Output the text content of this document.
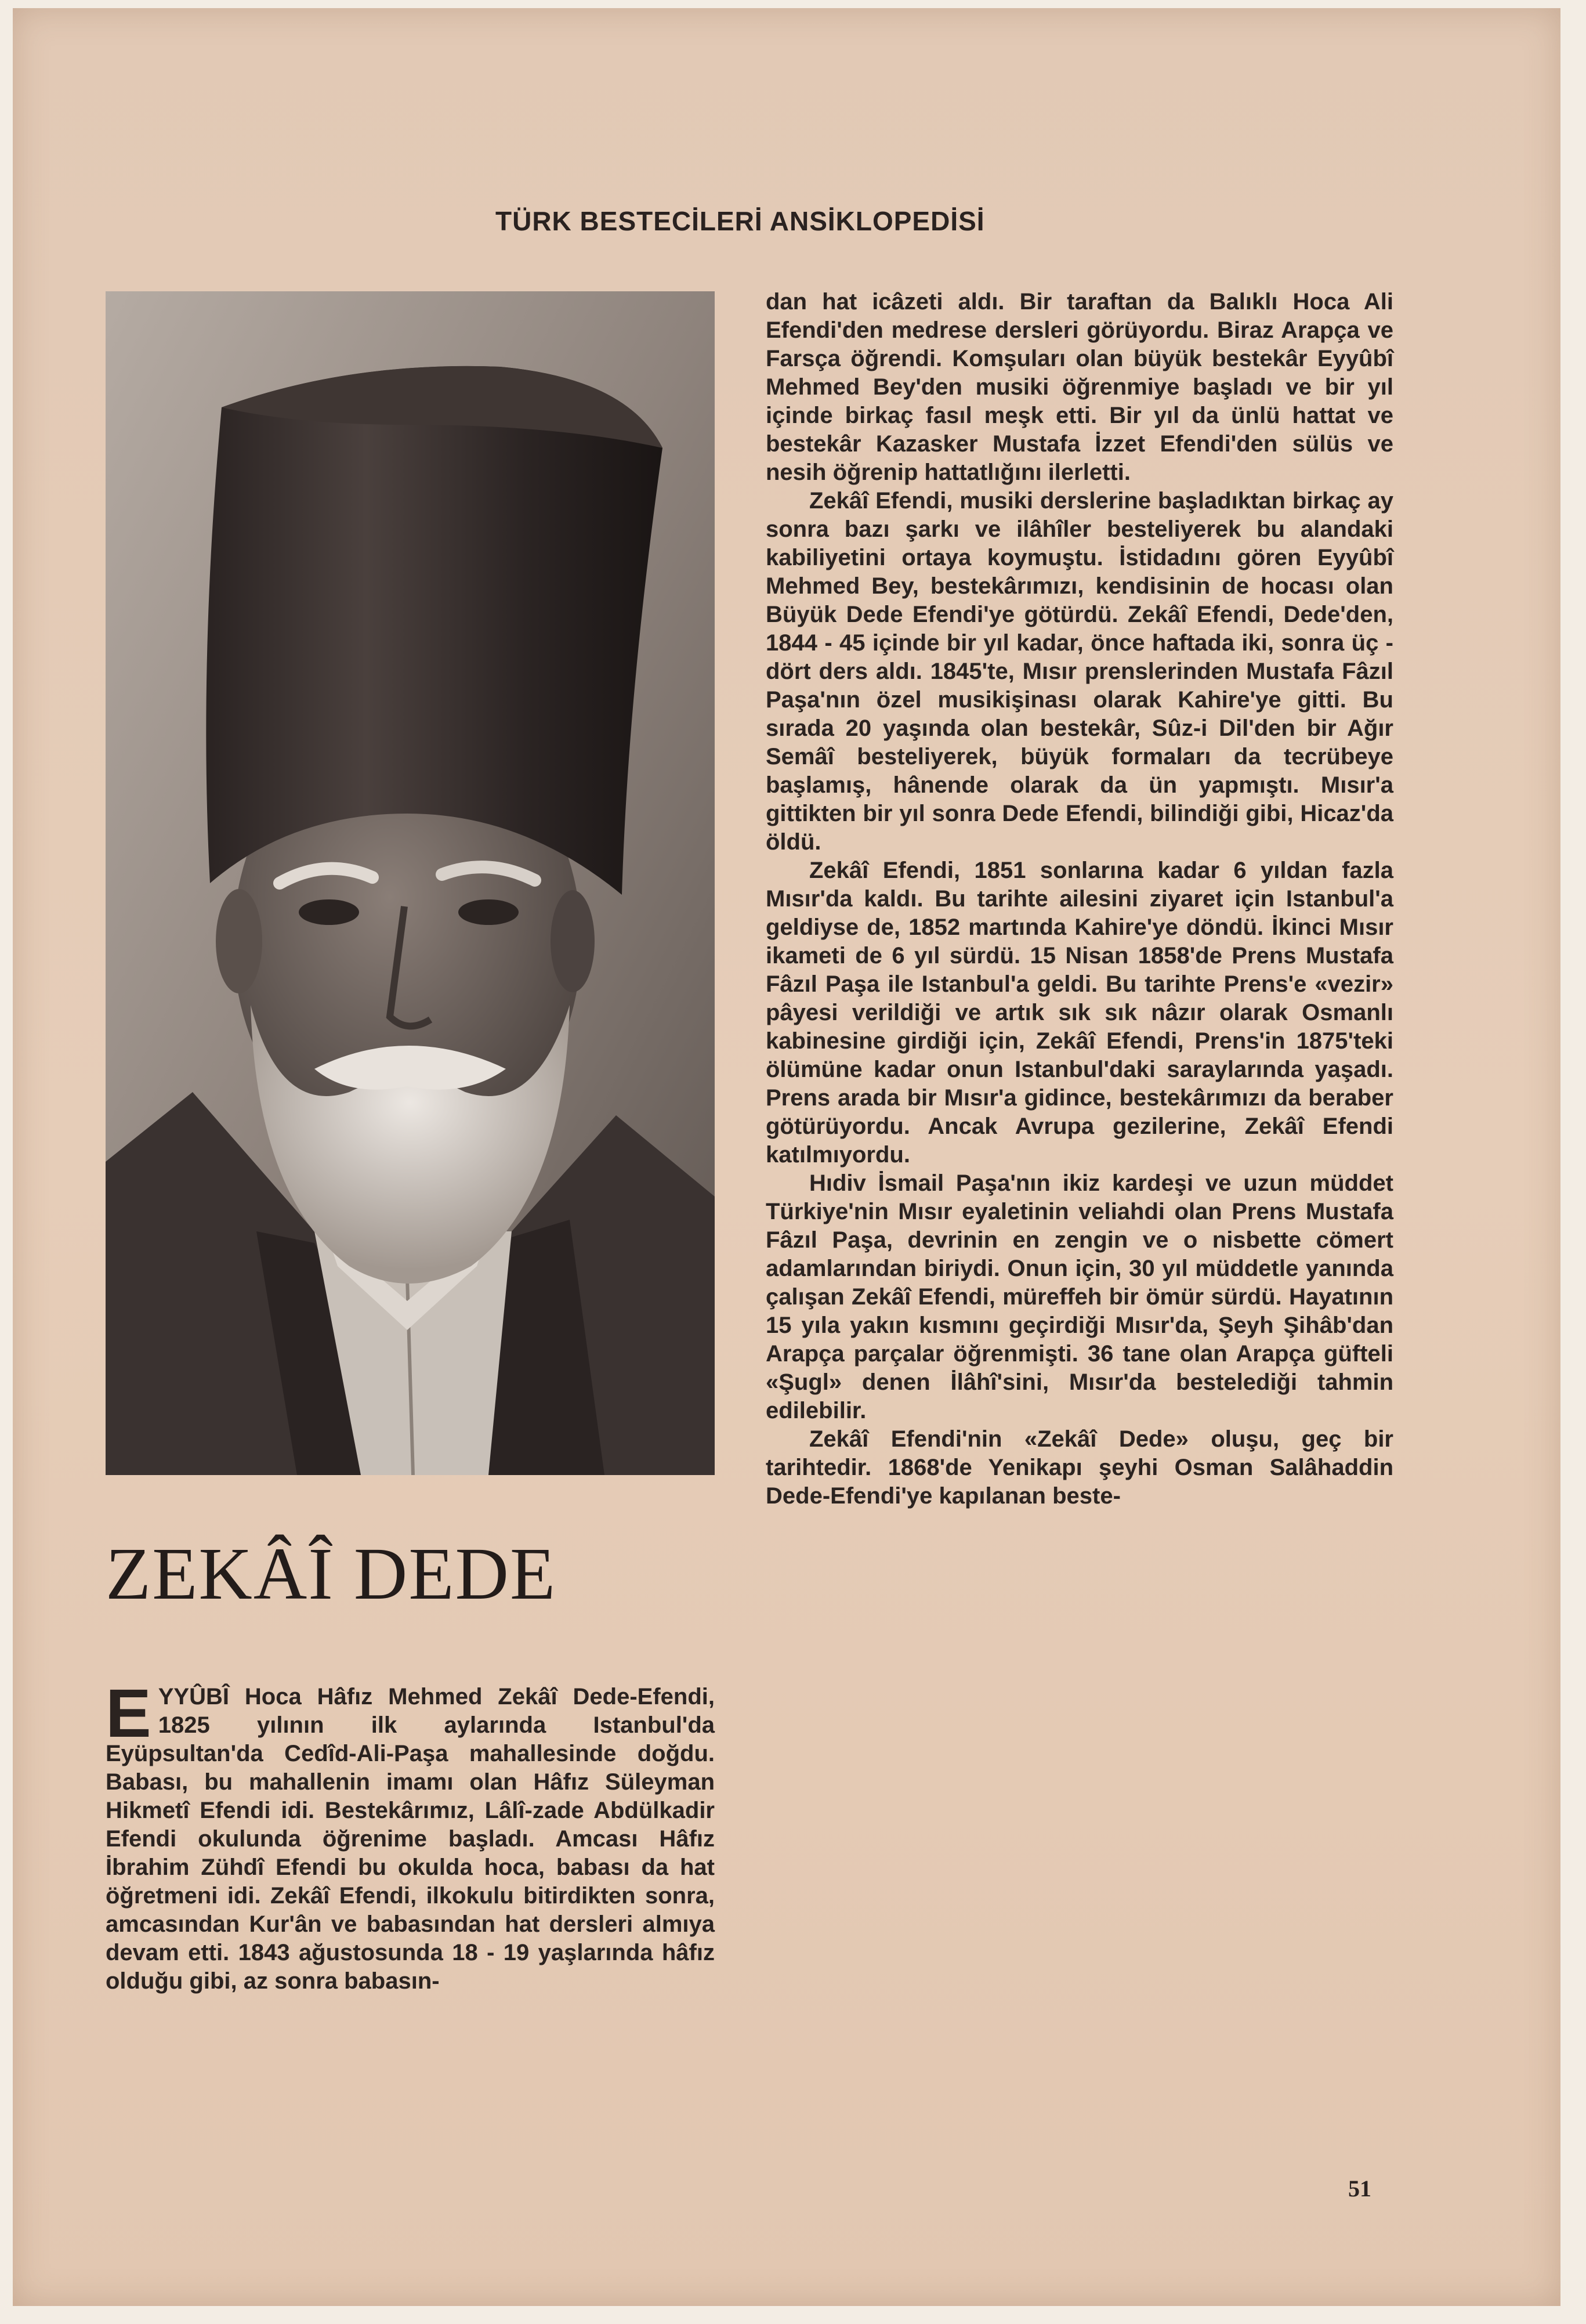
TÜRK BESTECİLERİ ANSİKLOPEDİSİ
ZEKÂÎ DEDE

EYYÛBÎ Hoca Hâfız Mehmed Zekâî Dede-Efendi, 1825 yılının ilk aylarında Istanbul'da Eyüpsultan'da Cedîd-Ali-Paşa mahallesinde doğdu. Babası, bu mahallenin imamı olan Hâfız Süleyman Hikmetî Efendi idi. Bestekârımız, Lâlî-zade Abdülkadir Efendi okulunda öğrenime başladı. Amcası Hâfız İbrahim Zühdî Efendi bu okulda hoca, babası da hat öğretmeni idi. Zekâî Efendi, ilkokulu bitirdikten sonra, amcasından Kur'ân ve babasından hat dersleri almıya devam etti. 1843 ağustosunda 18 - 19 yaşlarında hâfız olduğu gibi, az sonra babasın-

dan hat icâzeti aldı. Bir taraftan da Balıklı Hoca Ali Efendi'den medrese dersleri görüyordu. Biraz Arapça ve Farsça öğrendi. Komşuları olan büyük bestekâr Eyyûbî Mehmed Bey'den musiki öğrenmiye başladı ve bir yıl içinde birkaç fasıl meşk etti. Bir yıl da ünlü hattat ve bestekâr Kazasker Mustafa İzzet Efendi'den sülüs ve nesih öğrenip hattatlığını ilerletti.

Zekâî Efendi, musiki derslerine başladıktan birkaç ay sonra bazı şarkı ve ilâhîler besteliyerek bu alandaki kabiliyetini ortaya koymuştu. İstidadını gören Eyyûbî Mehmed Bey, bestekârımızı, kendisinin de hocası olan Büyük Dede Efendi'ye götürdü. Zekâî Efendi, Dede'den, 1844 - 45 içinde bir yıl kadar, önce haftada iki, sonra üç - dört ders aldı. 1845'te, Mısır prenslerinden Mustafa Fâzıl Paşa'nın özel musikişinası olarak Kahire'ye gitti. Bu sırada 20 yaşında olan bestekâr, Sûz-i Dil'den bir Ağır Semâî besteliyerek, büyük formaları da tecrübeye başlamış, hânende olarak da ün yapmıştı. Mısır'a gittikten bir yıl sonra Dede Efendi, bilindiği gibi, Hicaz'da öldü.

Zekâî Efendi, 1851 sonlarına kadar 6 yıldan fazla Mısır'da kaldı. Bu tarihte ailesini ziyaret için Istanbul'a geldiyse de, 1852 martında Kahire'ye döndü. İkinci Mısır ikameti de 6 yıl sürdü. 15 Nisan 1858'de Prens Mustafa Fâzıl Paşa ile Istanbul'a geldi. Bu tarihte Prens'e «vezir» pâyesi verildiği ve artık sık sık nâzır olarak Osmanlı kabinesine girdiği için, Zekâî Efendi, Prens'in 1875'teki ölümüne kadar onun Istanbul'daki saraylarında yaşadı. Prens arada bir Mısır'a gidince, bestekârımızı da beraber götürüyordu. Ancak Avrupa gezilerine, Zekâî Efendi katılmıyordu.

Hıdiv İsmail Paşa'nın ikiz kardeşi ve uzun müddet Türkiye'nin Mısır eyaletinin veliahdi olan Prens Mustafa Fâzıl Paşa, devrinin en zengin ve o nisbette cömert adamlarından biriydi. Onun için, 30 yıl müddetle yanında çalışan Zekâî Efendi, müreffeh bir ömür sürdü. Hayatının 15 yıla yakın kısmını geçirdiği Mısır'da, Şeyh Şihâb'dan Arapça parçalar öğrenmişti. 36 tane olan Arapça güfteli «Şugl» denen İlâhî'sini, Mısır'da bestelediği tahmin edilebilir.

Zekâî Efendi'nin «Zekâî Dede» oluşu, geç bir tarihtedir. 1868'de Yenikapı şeyhi Osman Salâhaddin Dede-Efendi'ye kapılanan beste-

51
